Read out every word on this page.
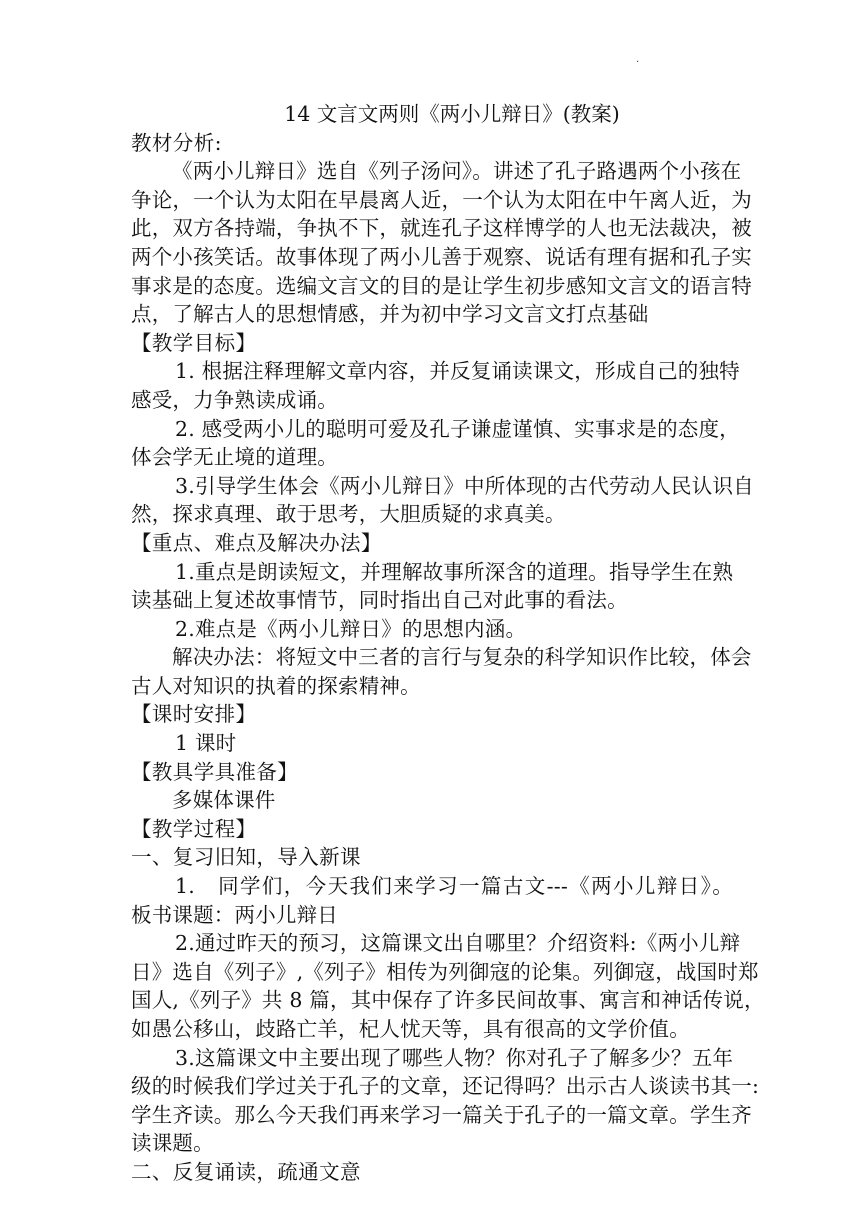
·
14 文言文两则《两小儿辩日》(教案)
教材分析:
《两小儿辩日》选自《列子汤问》。讲述了孔子路遇两个小孩在
争论，一个认为太阳在早晨离人近，一个认为太阳在中午离人近，为
此，双方各持端，争执不下，就连孔子这样博学的人也无法裁决，被
两个小孩笑话。故事体现了两小儿善于观察、说话有理有据和孔子实
事求是的态度。选编文言文的目的是让学生初步感知文言文的语言特
点，了解古人的思想情感，并为初中学习文言文打点基础
【教学目标】
1. 根据注释理解文章内容，并反复诵读课文，形成自己的独特
感受，力争熟读成诵。
2. 感受两小儿的聪明可爱及孔子谦虚谨慎、实事求是的态度，
体会学无止境的道理。
3.引导学生体会《两小儿辩日》中所体现的古代劳动人民认识自
然，探求真理、敢于思考，大胆质疑的求真美。
【重点、难点及解决办法】
1.重点是朗读短文，并理解故事所深含的道理。指导学生在熟
读基础上复述故事情节，同时指出自己对此事的看法。
2.难点是《两小儿辩日》的思想内涵。
解决办法：将短文中三者的言行与复杂的科学知识作比较，体会
古人对知识的执着的探索精神。
【课时安排】
1 课时
【教具学具准备】
多媒体课件
【教学过程】
一、复习旧知，导入新课
1.　同学们，今天我们来学习一篇古文---《两小儿辩日》。
板书课题：两小儿辩日
2.通过昨天的预习，这篇课文出自哪里？介绍资料:《两小儿辩
日》选自《列子》,《列子》相传为列御寇的论集。列御寇，战国时郑
国人,《列子》共 8 篇，其中保存了许多民间故事、寓言和神话传说，
如愚公移山，歧路亡羊，杞人忧天等，具有很高的文学价值。
3.这篇课文中主要出现了哪些人物？你对孔子了解多少？五年
级的时候我们学过关于孔子的文章，还记得吗？出示古人谈读书其一:
学生齐读。那么今天我们再来学习一篇关于孔子的一篇文章。学生齐
读课题。
二、反复诵读，疏通文意
